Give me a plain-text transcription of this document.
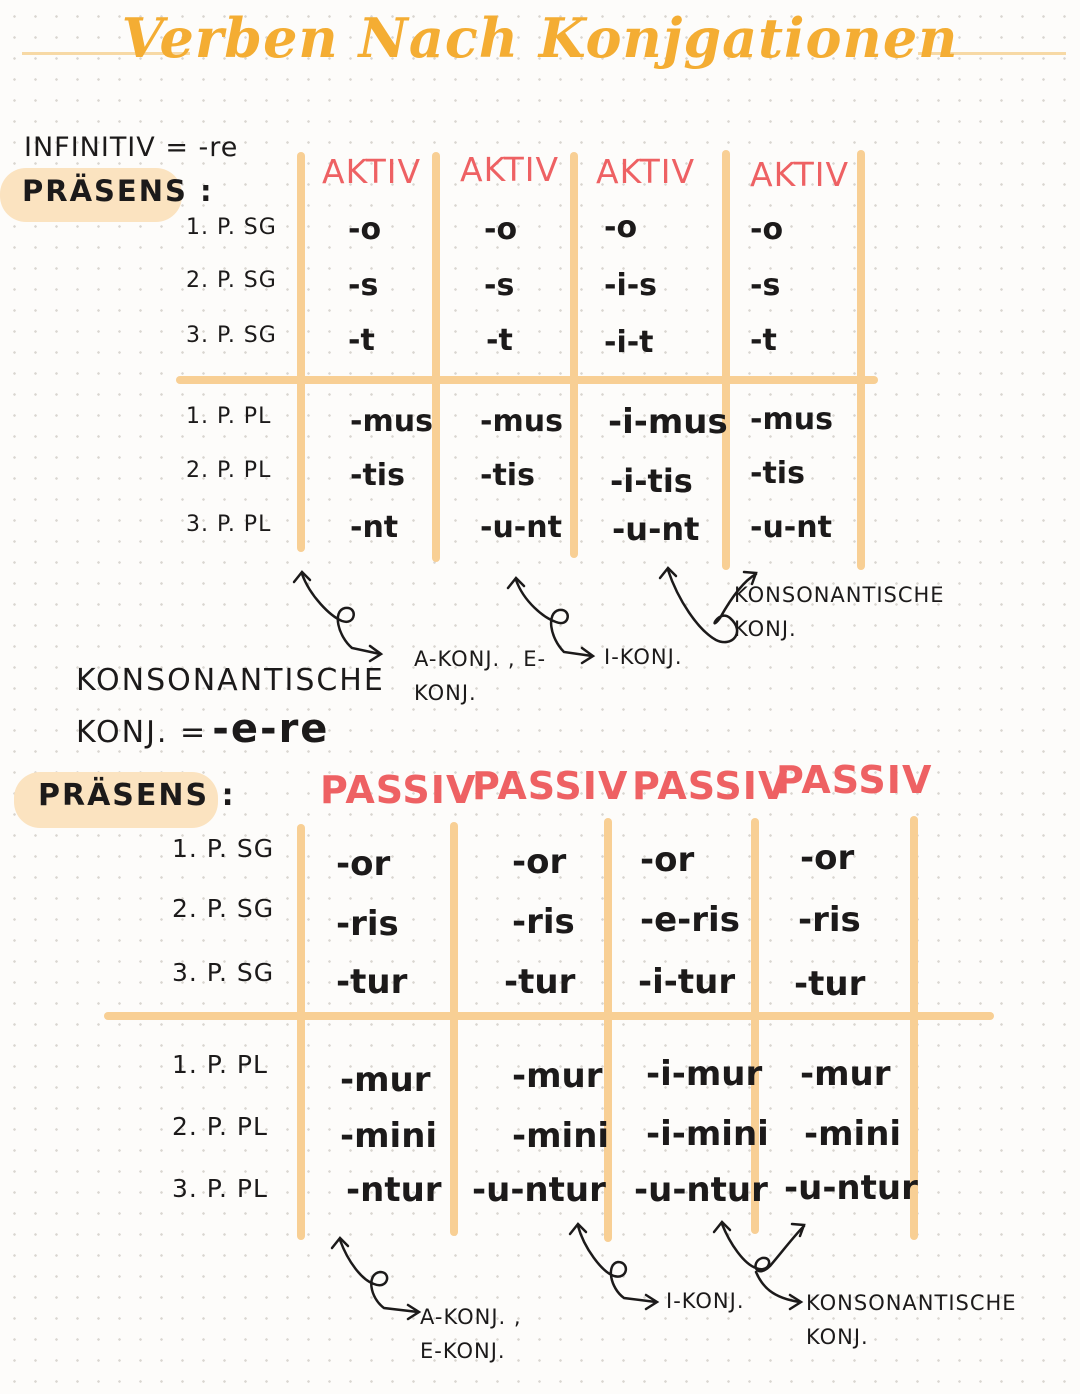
Verben Nach Konjgationen
INFINITIV = -re
PRÄSENS :	AKTIV AKTIV AKTIV AKTIV
1. P. SG
2. P. SG
3. P. SG
1. P. PL
2. P. PL
3. P. PL
-o
-s
-t
-mus
-tis
-nt
-o
-s
-t
-mus
-tis
-u-nt
-o
-i-s
-i-t
-i-mus
-i-tis
-u-nt
-o
-s
-t
-mus
-tis
-u-nt
A-KONJ. , E-
KONJ.
I-KONJ.
KONSONANTISCHE
KONJ.
KONSONANTISCHE
KONJ. = -e-re
PRÄSENS : PASSIV
PASSIV PASSIV
PASSIV
1. P. SG
2. P. SG
3. P. SG
1. P. PL
2. P. PL
3. P. PL
-or
-ris
-tur
-mur
-mini
-ntur
-or
-ris
-tur
-mur
-mini
-u-ntur
-or
-e-ris
-i-tur
-i-mur
-i-mini
-u-ntur
-or
-ris
-tur
-mur
-mini
-u-ntur
A-KONJ. ,
E-KONJ.
I-KONJ.	KONSONANTISCHE
KONJ.
